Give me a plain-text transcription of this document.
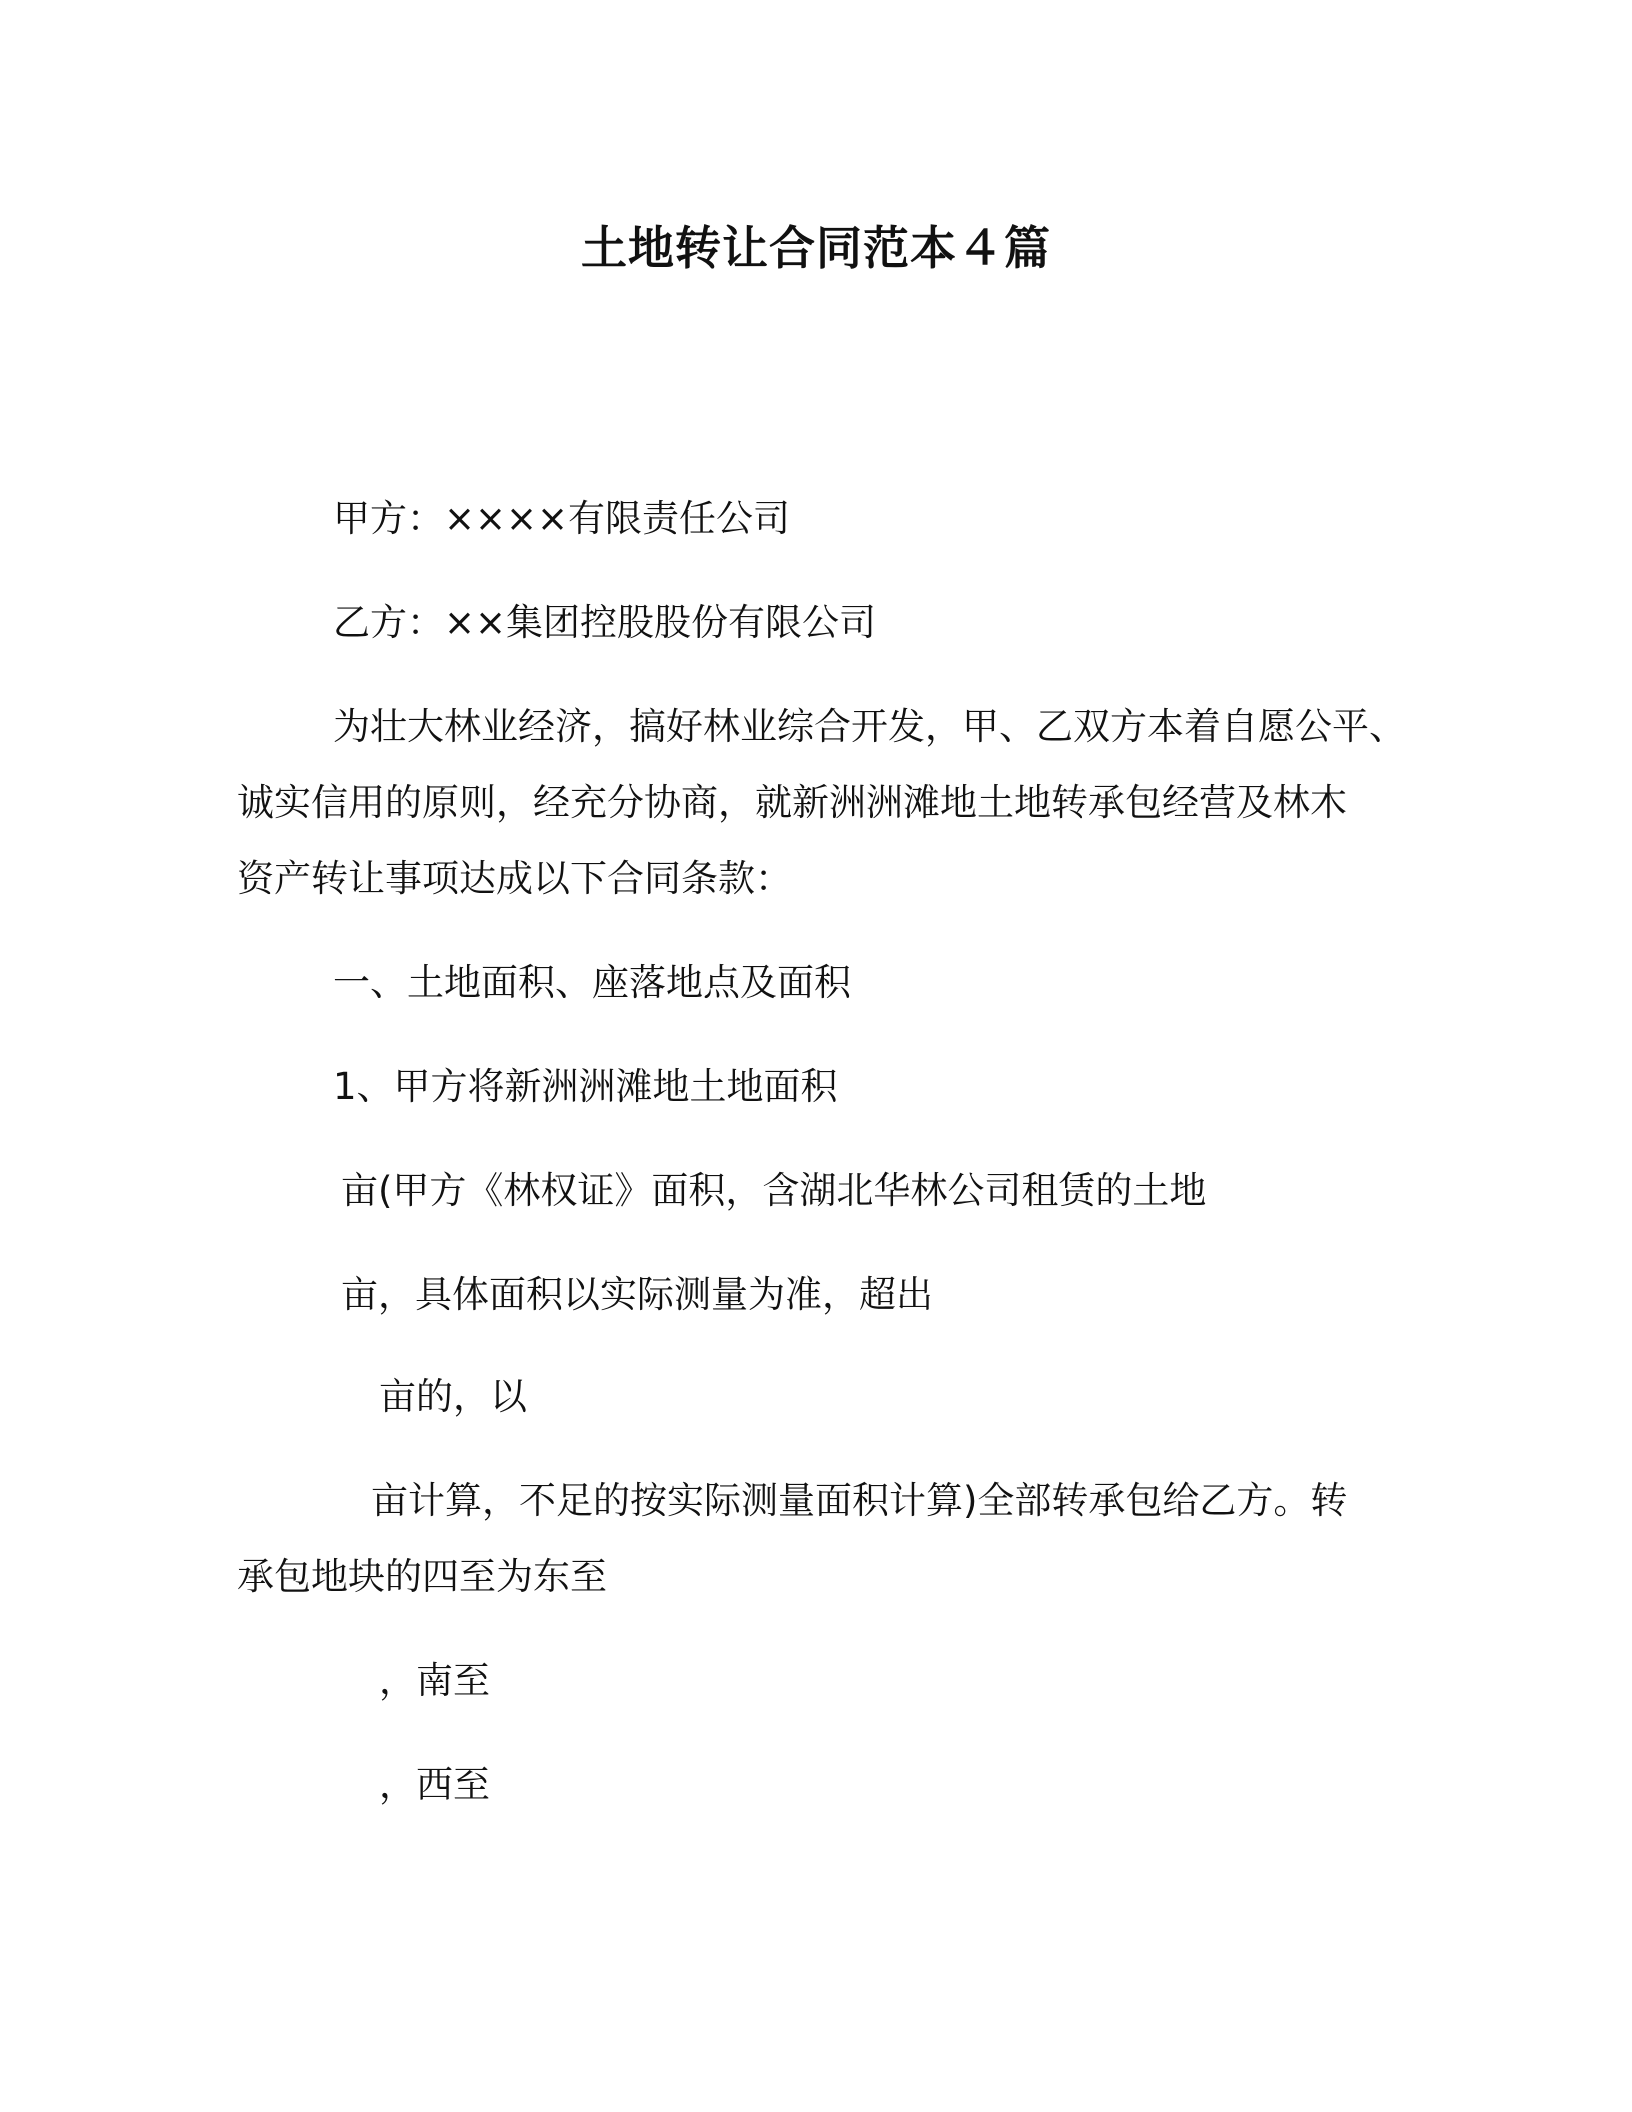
土地转让合同范本４篇
甲方：××××有限责任公司
乙方：××集团控股股份有限公司
为壮大林业经济，搞好林业综合开发，甲、乙双方本着自愿公平、
诚实信用的原则，经充分协商，就新洲洲滩地土地转承包经营及林木
资产转让事项达成以下合同条款：
一、土地面积、座落地点及面积
1、甲方将新洲洲滩地土地面积
亩(甲方《林权证》面积，含湖北华林公司租赁的土地
亩，具体面积以实际测量为准，超出
亩的，以
亩计算，不足的按实际测量面积计算)全部转承包给乙方。转
承包地块的四至为东至
，南至
，西至
